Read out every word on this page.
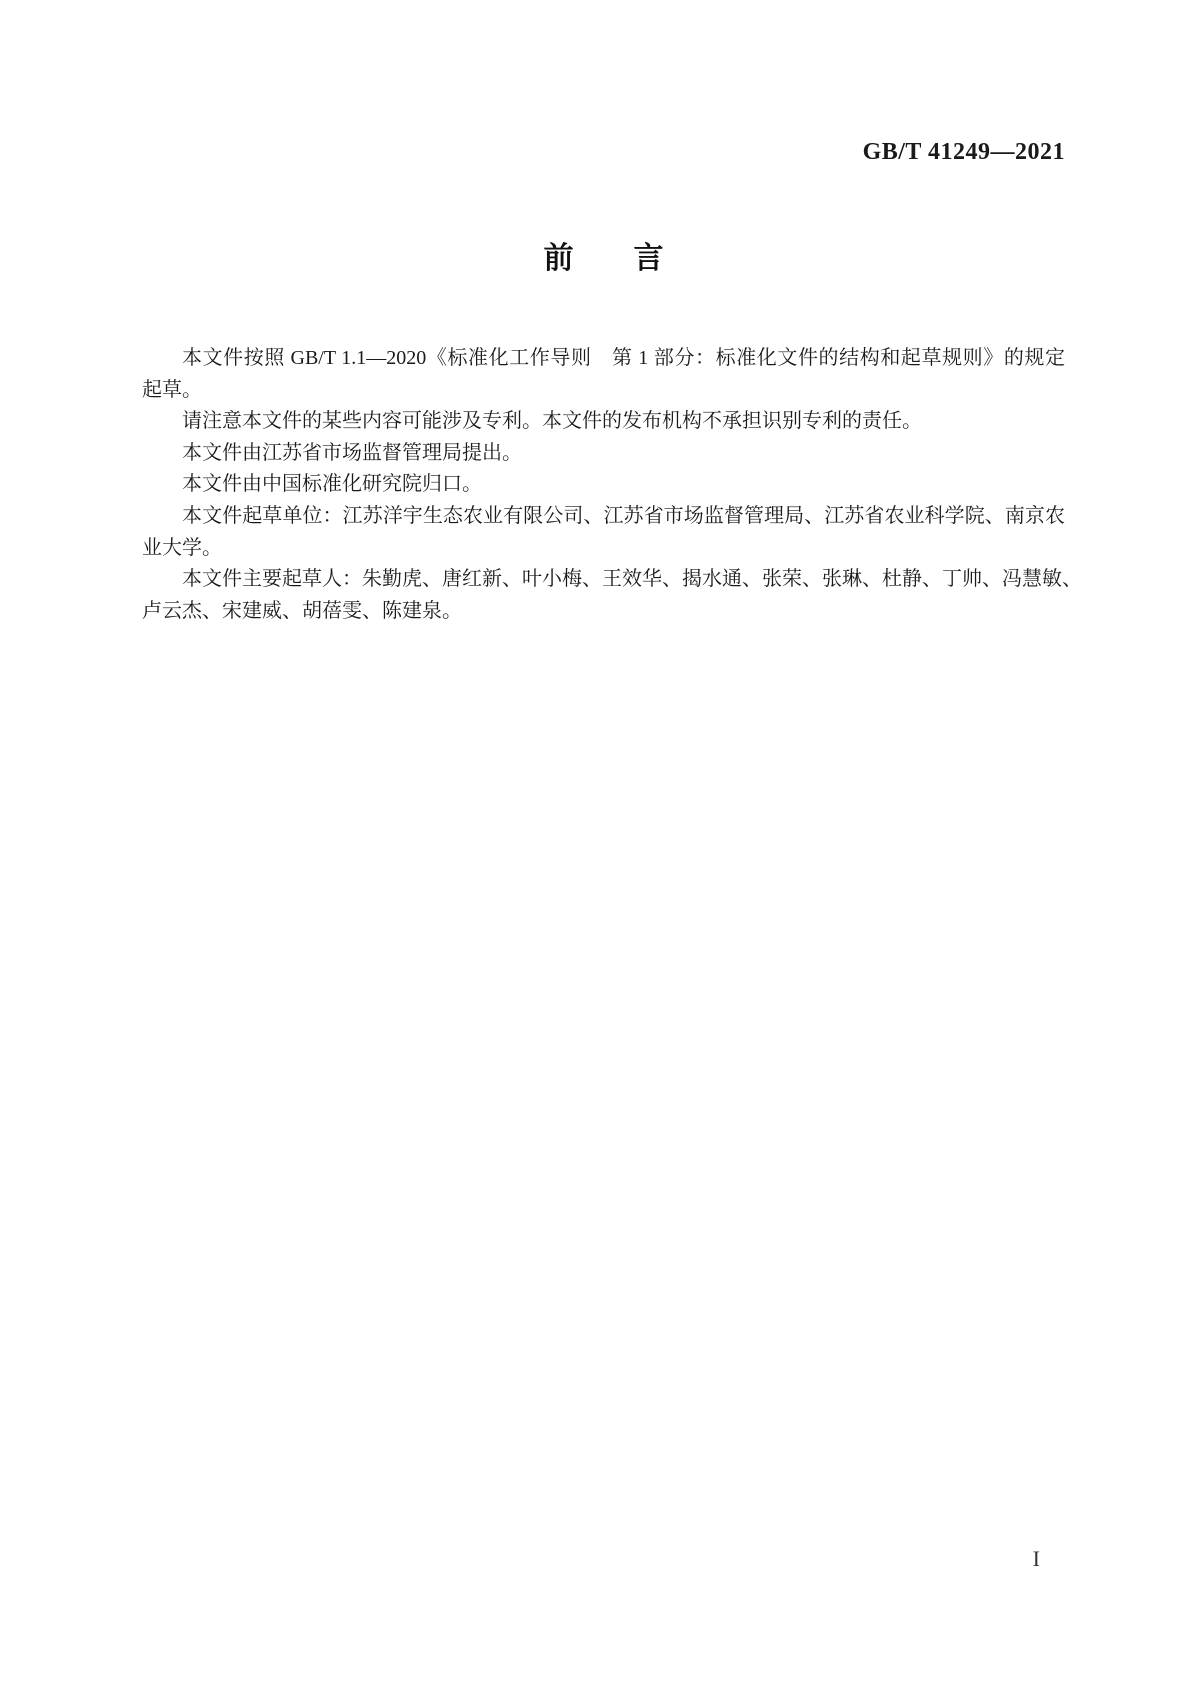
GB/T 41249—2021
前　　言
本文件按照 GB/T 1.1—2020《标准化工作导则　第 1 部分：标准化文件的结构和起草规则》的规定
起草。
请注意本文件的某些内容可能涉及专利。本文件的发布机构不承担识别专利的责任。
本文件由江苏省市场监督管理局提出。
本文件由中国标准化研究院归口。
本文件起草单位：江苏洋宇生态农业有限公司、江苏省市场监督管理局、江苏省农业科学院、南京农
业大学。
本文件主要起草人：朱勤虎、唐红新、叶小梅、王效华、揭水通、张荣、张琳、杜静、丁帅、冯慧敏、
卢云杰、宋建威、胡蓓雯、陈建泉。
I
